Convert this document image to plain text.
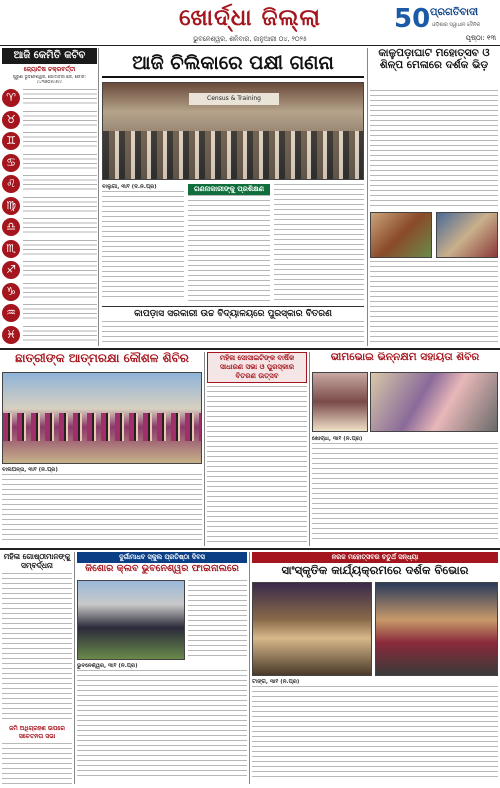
ଖୋର୍ଦ୍ଧା ଜିଲ୍ଲା	50 ପ୍ରଗତିବାଦୀ
ଓଡ଼ିଶାର ସ୍ୱାଧୀନ ଦୈନିକ
ଭୁବନେଶ୍ୱର, ଶନିବାର, ଜାନୁଆରୀ ୦୪, ୨୦୨୫	ପୃଷ୍ଠା: ୧୩
ଆଜି କେମିତି କଟିବ
ଜ୍ୟୋତିଷ ଚକ୍ରବର୍ତ୍ତୀ
ପୁରୁଣା ଭୁବନେଶ୍ୱର, ଗୋଦାବରୀ ଛକ, ଫୋନ: ୯୪୩୭୦୫୯୬୯୯
♈
♉
♊
♋
♌
♍
♎
♏
♐
♑
♒
♓
ଆଜି ଚିଲିକାରେ ପକ୍ଷୀ ଗଣନା
Census & Training
ବାଲୁଗାଁ, ୩ା୧ (ଦି.ନି.ପ୍ର)	ଗଣନାକାରୀଙ୍କୁ ପ୍ରଶିକ୍ଷଣ
କାଳୁପଡ଼ାଘାଟ ମହୋତ୍ସବ ଓ ଶିଳ୍ପ ମେଳାରେ ଦର୍ଶକ ଭିଡ଼
କାପଡ଼ାସ ସରକାରୀ ଉଚ୍ଚ ବିଦ୍ୟାଳୟରେ ପୁରସ୍କାର ବିତରଣ
ଛାତ୍ରୀଙ୍କ ଆତ୍ମରକ୍ଷା କୌଶଳ ଶିବିର
ବାଲିଅନ୍ତା, ୩ା୧ (ନି.ପ୍ର)
ମହିଳା ସୋସାଇଟିଙ୍କ ବାର୍ଷିକ ସାଧାରଣ ସଭା ଓ ପୁରସ୍କାର ବିତରଣ ଉତ୍ସବ
ଭୀମଭୋଇ ଭିନ୍ନକ୍ଷମ ସହାୟତା ଶିବିର
ଖୋର୍ଦ୍ଧା, ୩ା୧ (ନି.ପ୍ର)
ମହିଳା ଗୋଷ୍ଠୀମାନଙ୍କୁ ସମ୍ବର୍ଦ୍ଧନା
ଜମି ଅଧିଗ୍ରହଣ ଉପରେ ସଚେତନତା ସଭା
ଦୁର୍ଗାମାଧବ ସ୍କୁଲ ପ୍ରତିଷ୍ଠା ଦିବସ
କିଶୋର କ୍ଲବ ଭୁବନେଶ୍ୱର ଫାଇନାଲରେ
ଭୁବନେଶ୍ୱର, ୩ା୧ (ନି.ପ୍ର)
ନରଜ ମହୋତ୍ସବର ଚତୁର୍ଥ ସନ୍ଧ୍ୟା
ସାଂସ୍କୃତିକ କାର୍ଯ୍ୟକ୍ରମରେ ଦର୍ଶକ ବିଭୋର
ଟାଙ୍ଗି, ୩ା୧ (ନି.ପ୍ର)
